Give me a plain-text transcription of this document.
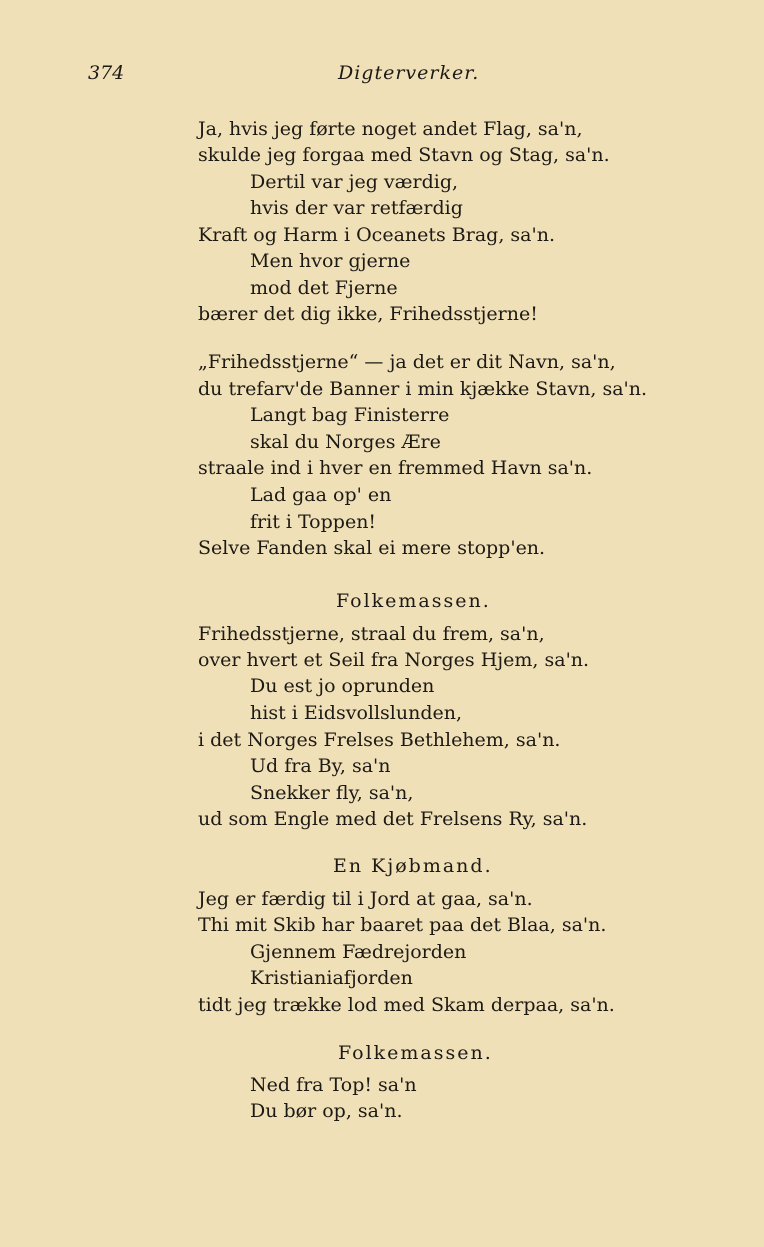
374	Digterverker.
Ja, hvis jeg førte noget andet Flag, sa'n,
skulde jeg forgaa med Stavn og Stag, sa'n.
Dertil var jeg værdig,
hvis der var retfærdig
Kraft og Harm i Oceanets Brag, sa'n.
Men hvor gjerne
mod det Fjerne
bærer det dig ikke, Frihedsstjerne!
„Frihedsstjerne“ — ja det er dit Navn, sa'n,
du trefarv'de Banner i min kjække Stavn, sa'n.
Langt bag Finisterre
skal du Norges Ære
straale ind i hver en fremmed Havn sa'n.
Lad gaa op' en
frit i Toppen!
Selve Fanden skal ei mere stopp'en.
Folkemassen.
Frihedsstjerne, straal du frem, sa'n,
over hvert et Seil fra Norges Hjem, sa'n.
Du est jo oprunden
hist i Eidsvollslunden,
i det Norges Frelses Bethlehem, sa'n.
Ud fra By, sa'n
Snekker fly, sa'n,
ud som Engle med det Frelsens Ry, sa'n.
En Kjøbmand.
Jeg er færdig til i Jord at gaa, sa'n.
Thi mit Skib har baaret paa det Blaa, sa'n.
Gjennem Fædrejorden
Kristianiafjorden
tidt jeg trække lod med Skam derpaa, sa'n.
Folkemassen.
Ned fra Top! sa'n
Du bør op, sa'n.
